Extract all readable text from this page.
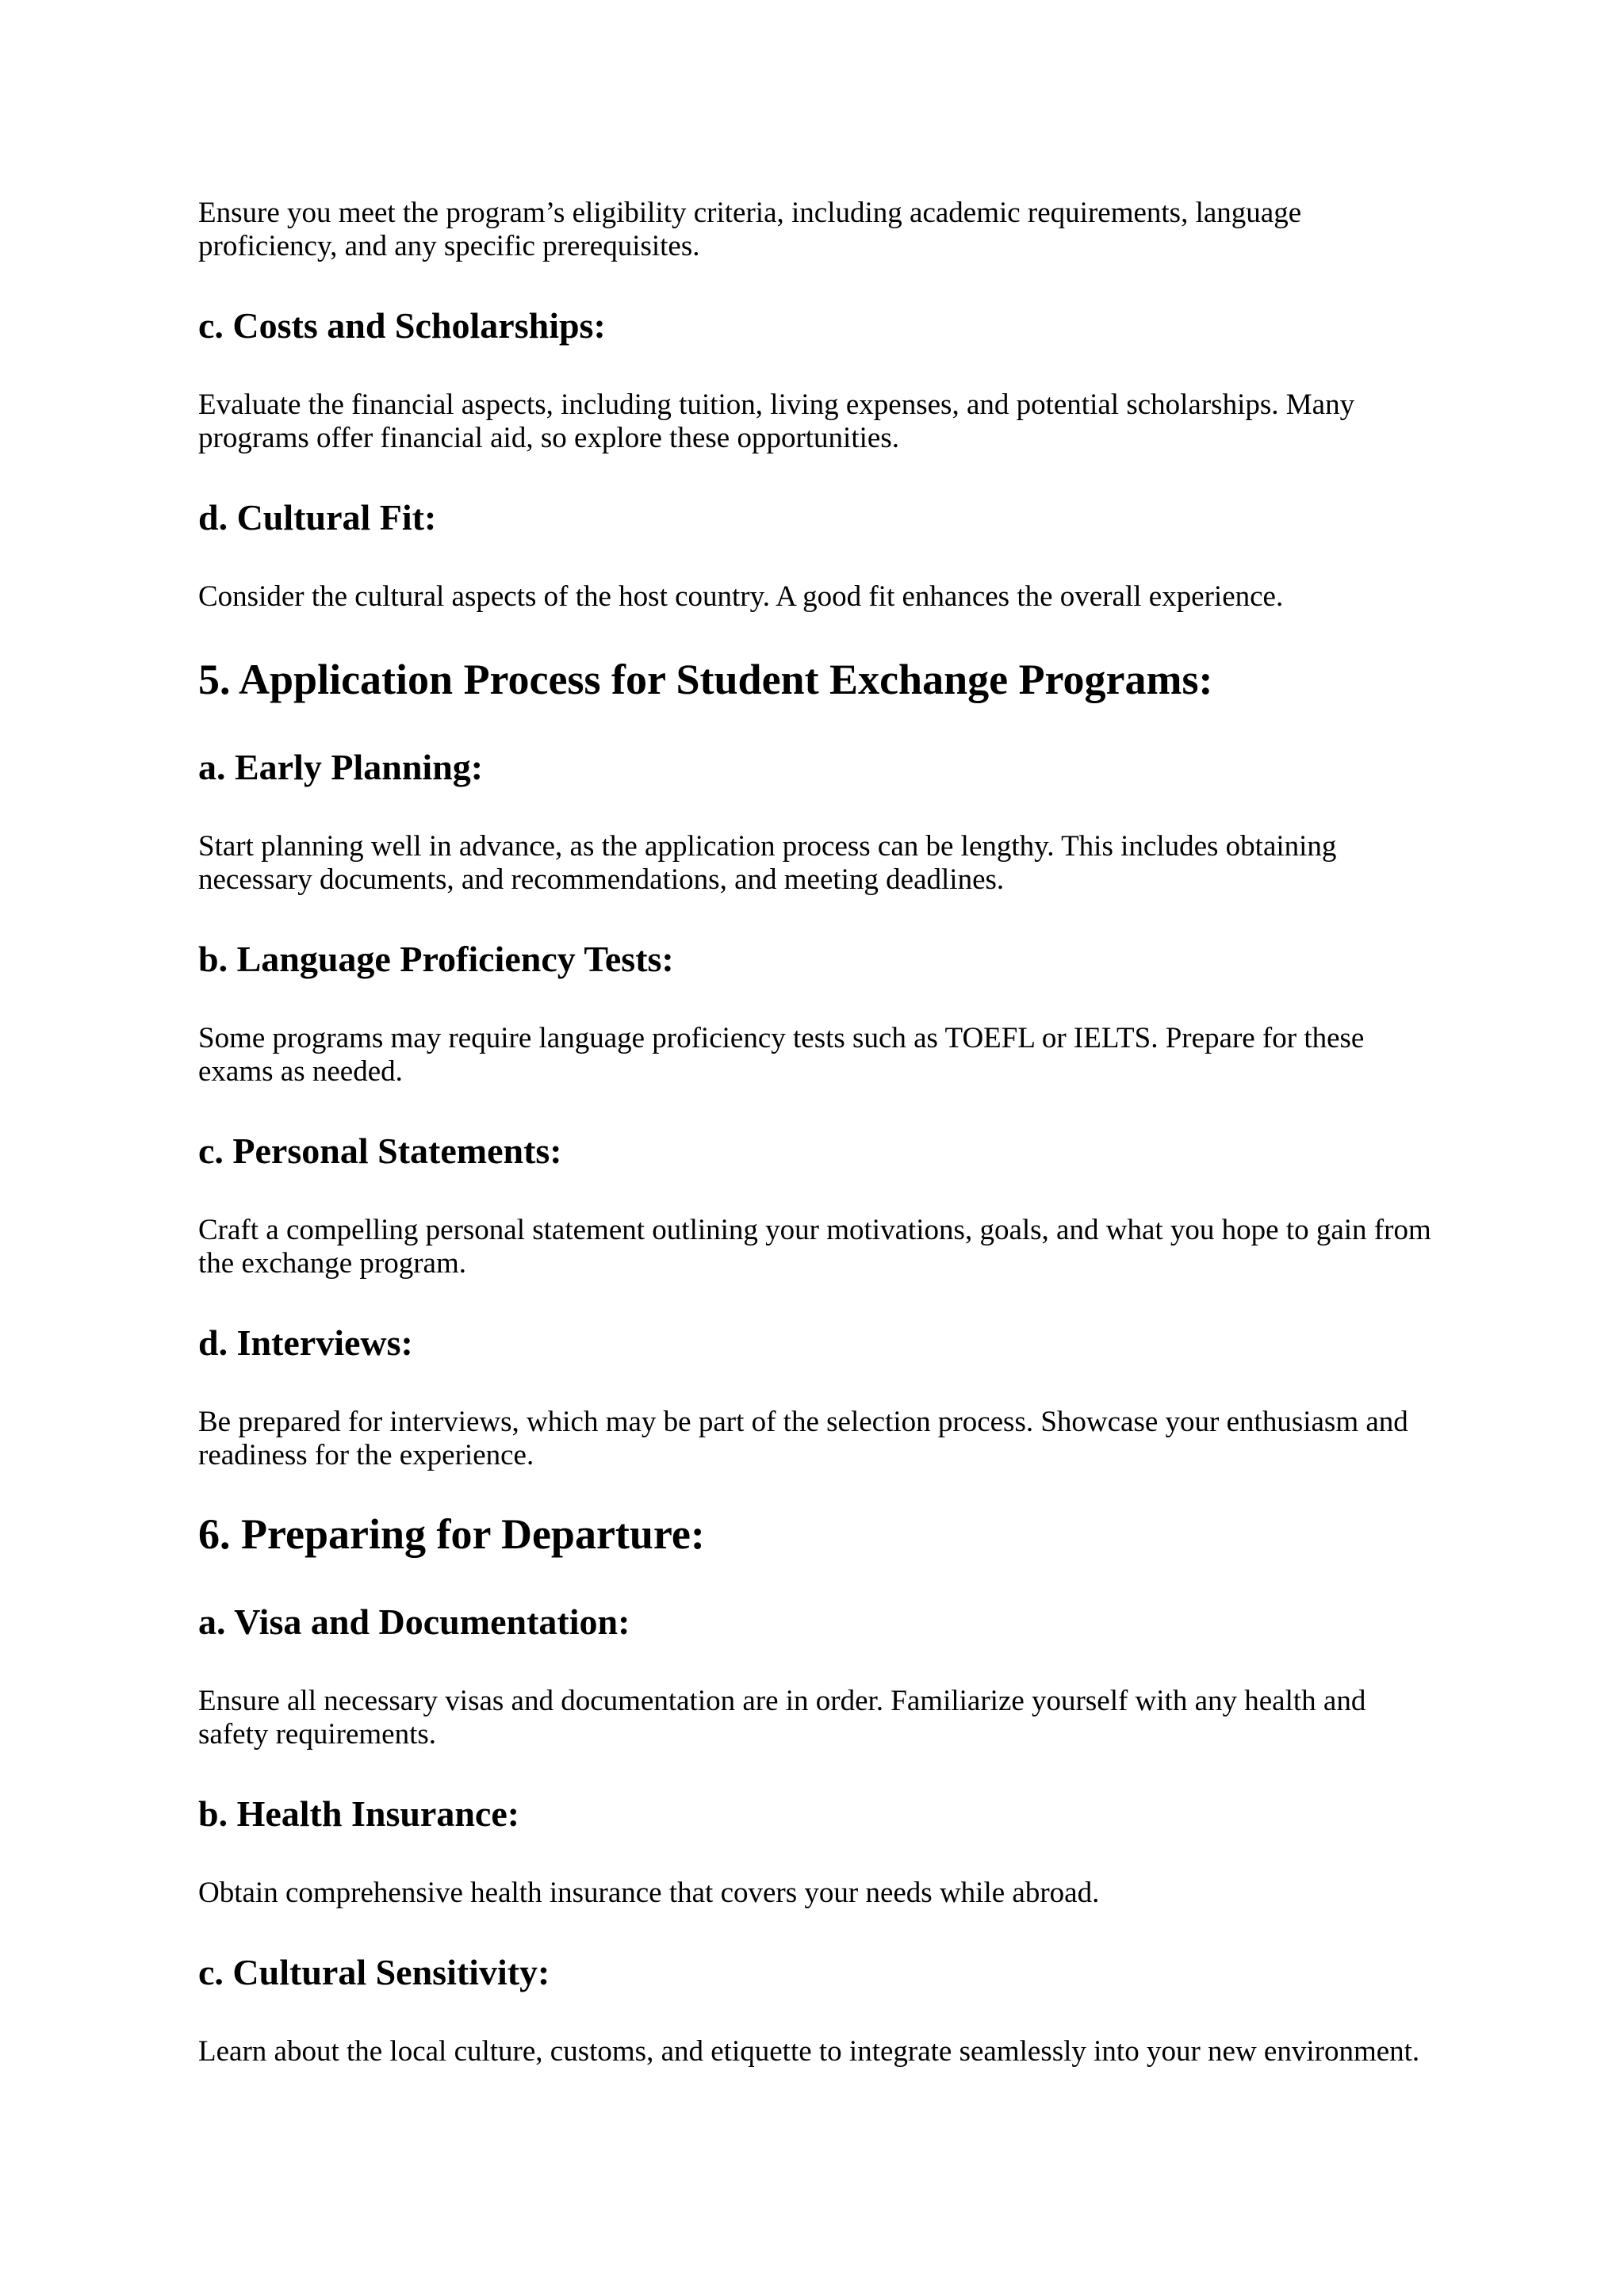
Ensure you meet the program’s eligibility criteria, including academic requirements, language proficiency, and any specific prerequisites.

c. Costs and Scholarships:

Evaluate the financial aspects, including tuition, living expenses, and potential scholarships. Many programs offer financial aid, so explore these opportunities.

d. Cultural Fit:

Consider the cultural aspects of the host country. A good fit enhances the overall experience.

5. Application Process for Student Exchange Programs:
a. Early Planning:

Start planning well in advance, as the application process can be lengthy. This includes obtaining necessary documents, and recommendations, and meeting deadlines.

b. Language Proficiency Tests:

Some programs may require language proficiency tests such as TOEFL or IELTS. Prepare for these exams as needed.

c. Personal Statements:

Craft a compelling personal statement outlining your motivations, goals, and what you hope to gain from the exchange program.

d. Interviews:

Be prepared for interviews, which may be part of the selection process. Showcase your enthusiasm and readiness for the experience.

6. Preparing for Departure:
a. Visa and Documentation:

Ensure all necessary visas and documentation are in order. Familiarize yourself with any health and safety requirements.

b. Health Insurance:

Obtain comprehensive health insurance that covers your needs while abroad.

c. Cultural Sensitivity:

Learn about the local culture, customs, and etiquette to integrate seamlessly into your new environment.
